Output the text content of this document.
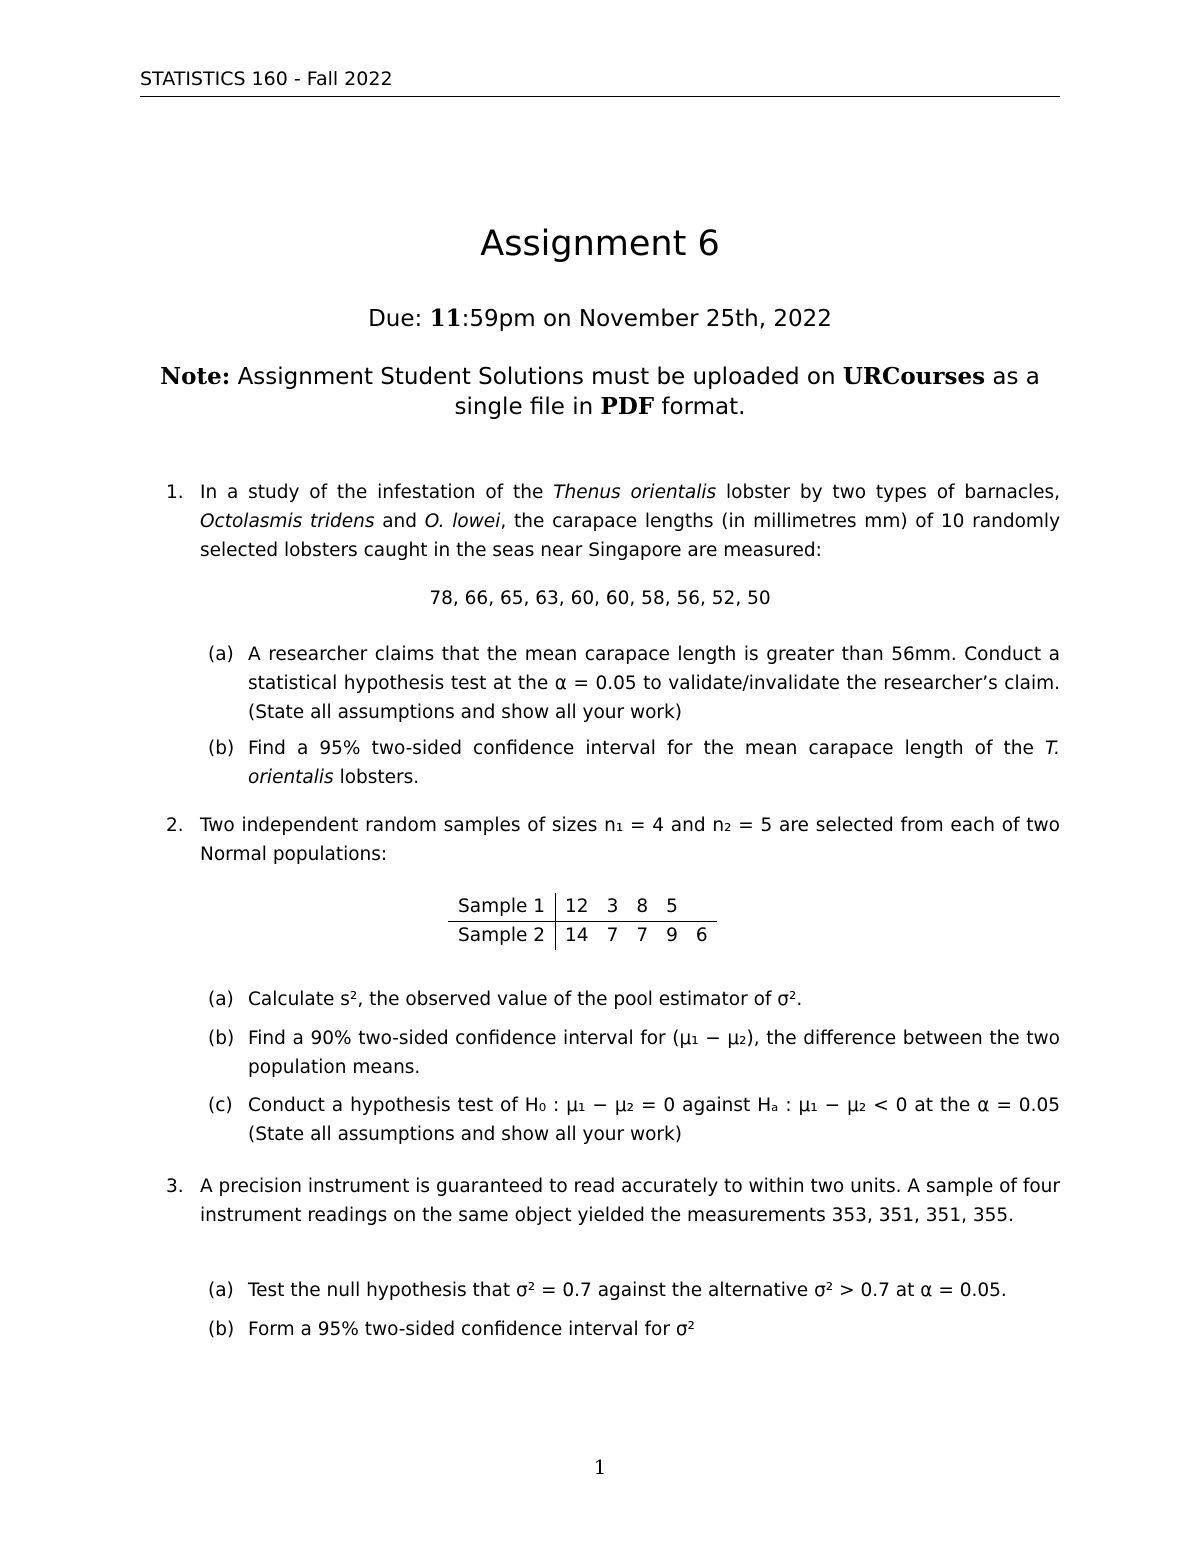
STATISTICS 160 - Fall 2022
Assignment 6
Due: 11:59pm on November 25th, 2022
Note: Assignment Student Solutions must be uploaded on URCourses as a single file in PDF format.
1. In a study of the infestation of the Thenus orientalis lobster by two types of barnacles, Octolasmis tridens and O. lowei, the carapace lengths (in millimetres mm) of 10 randomly selected lobsters caught in the seas near Singapore are measured:
78, 66, 65, 63, 60, 60, 58, 56, 52, 50
(a) A researcher claims that the mean carapace length is greater than 56mm. Conduct a statistical hypothesis test at the α = 0.05 to validate/invalidate the researcher’s claim. (State all assumptions and show all your work)
(b) Find a 95% two-sided confidence interval for the mean carapace length of the T. orientalis lobsters.
2. Two independent random samples of sizes n₁ = 4 and n₂ = 5 are selected from each of two Normal populations:
Sample 1	12	3	8	5	
Sample 2	14	7	7	9	6
(a) Calculate s², the observed value of the pool estimator of σ².
(b) Find a 90% two-sided confidence interval for (μ₁ − μ₂), the difference between the two population means.
(c) Conduct a hypothesis test of H₀ : μ₁ − μ₂ = 0 against Hₐ : μ₁ − μ₂ < 0 at the α = 0.05 (State all assumptions and show all your work)
3. A precision instrument is guaranteed to read accurately to within two units. A sample of four instrument readings on the same object yielded the measurements 353, 351, 351, 355.
(a) Test the null hypothesis that σ² = 0.7 against the alternative σ² > 0.7 at α = 0.05.
(b) Form a 95% two-sided confidence interval for σ²
1
